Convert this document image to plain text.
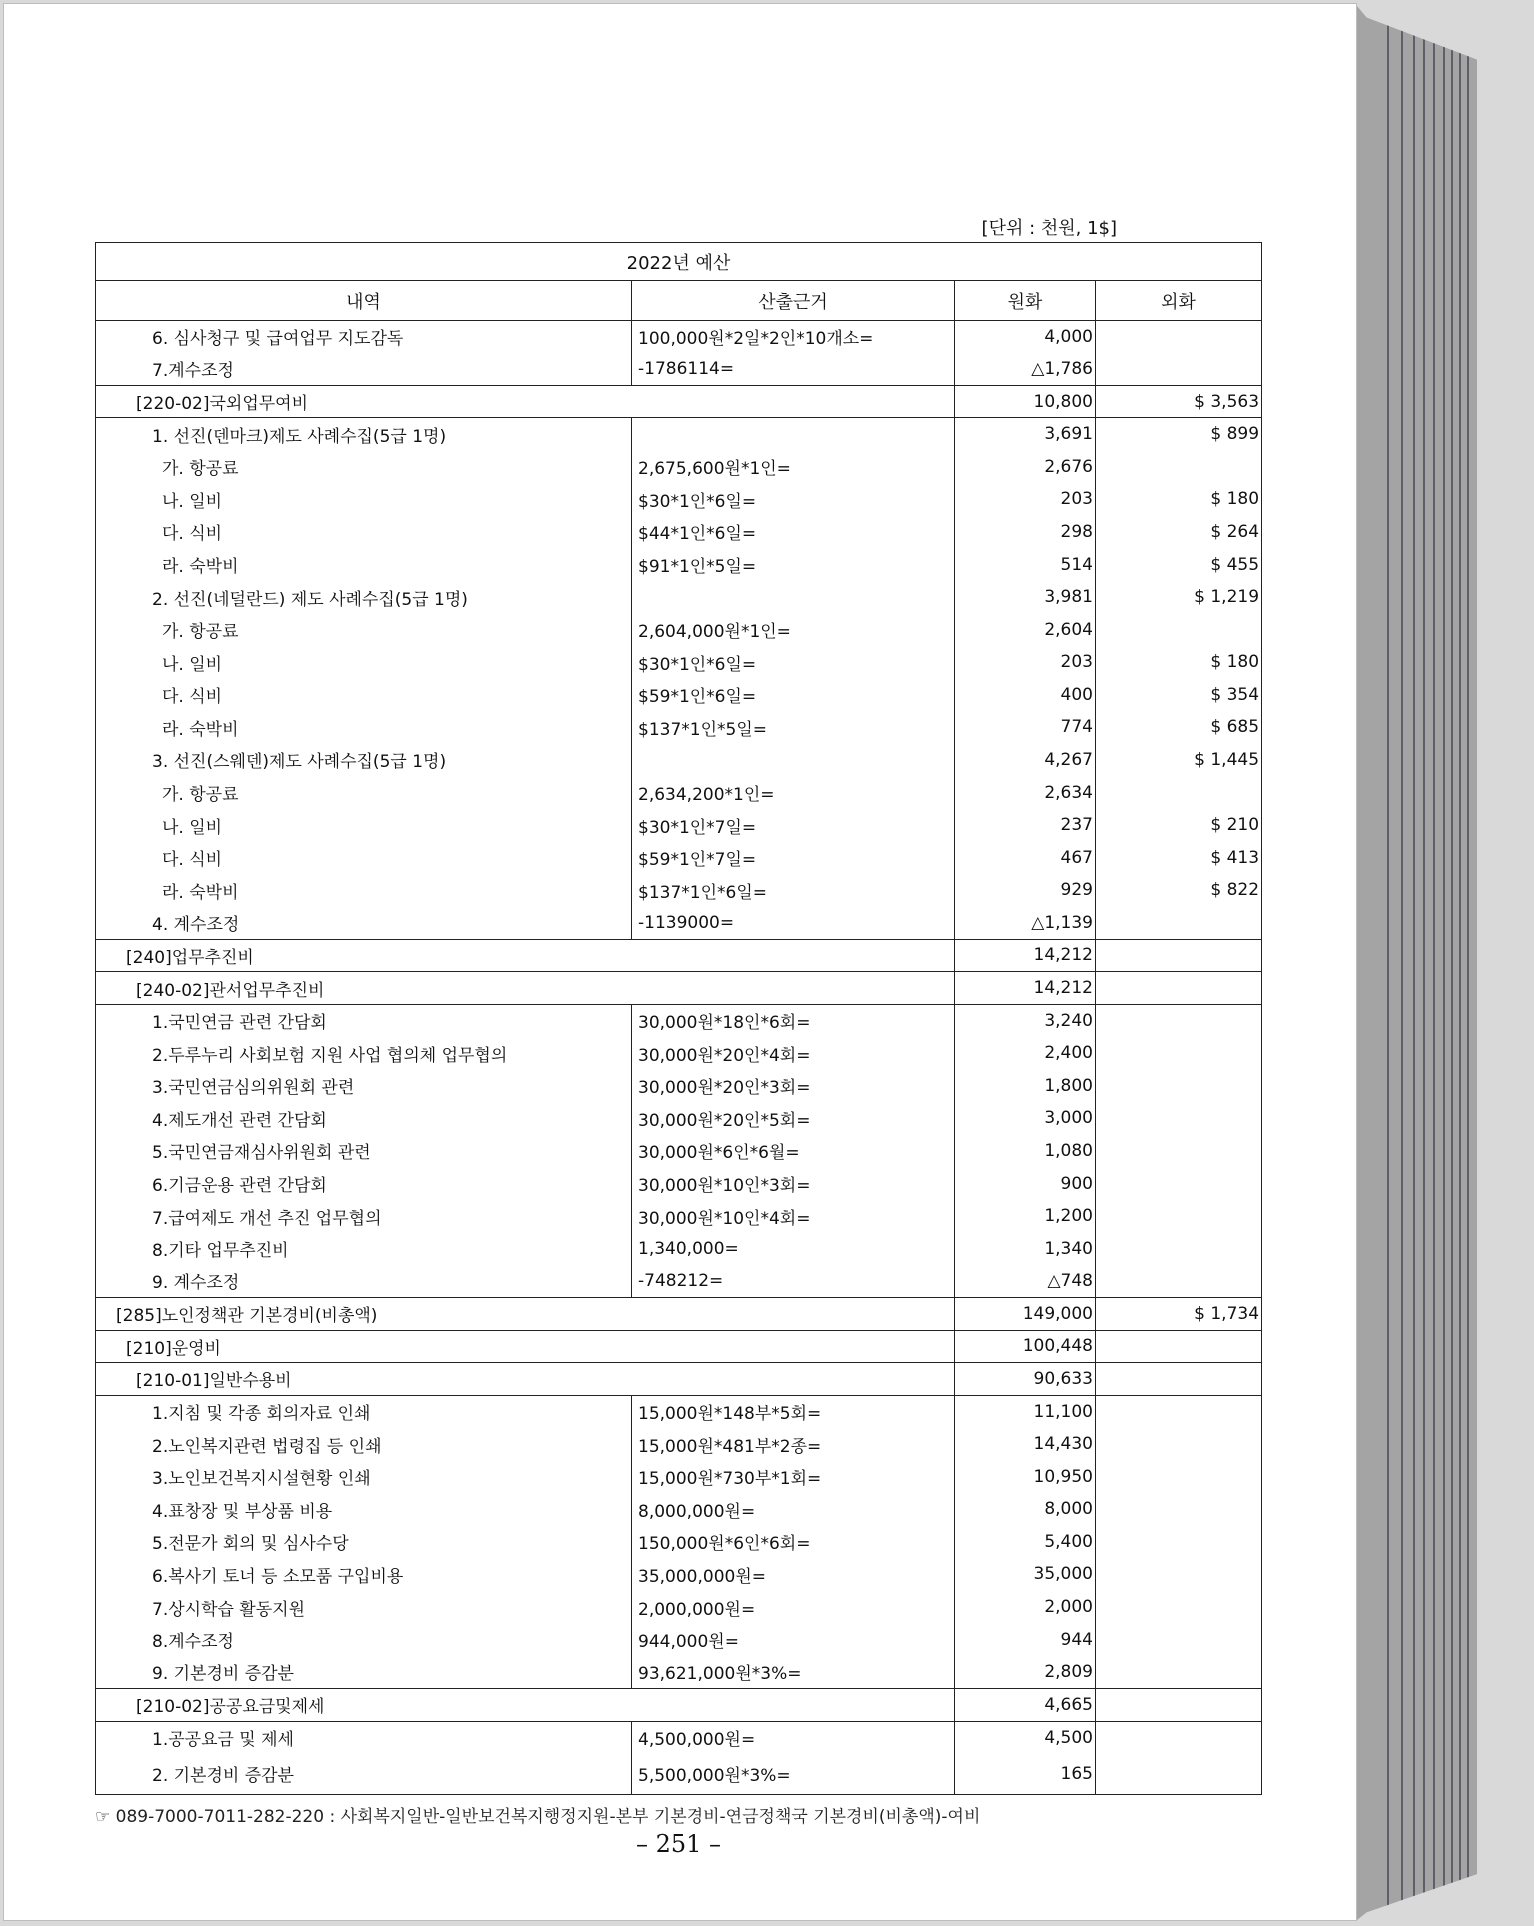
[단위 : 천원, 1$]
2022년 예산			
내역	산출근거	원화	외화
6. 심사청구 및 급여업무 지도감독	100,000원*2일*2인*10개소=	4,000	
7.계수조정	-1786114=	△1,786	
[220-02]국외업무여비		10,800	$ 3,563
1. 선진(덴마크)제도 사례수집(5급 1명)		3,691	$ 899
가. 항공료	2,675,600원*1인=	2,676	
나. 일비	$30*1인*6일=	203	$ 180
다. 식비	$44*1인*6일=	298	$ 264
라. 숙박비	$91*1인*5일=	514	$ 455
2. 선진(네덜란드) 제도 사례수집(5급 1명)		3,981	$ 1,219
가. 항공료	2,604,000원*1인=	2,604	
나. 일비	$30*1인*6일=	203	$ 180
다. 식비	$59*1인*6일=	400	$ 354
라. 숙박비	$137*1인*5일=	774	$ 685
3. 선진(스웨덴)제도 사례수집(5급 1명)		4,267	$ 1,445
가. 항공료	2,634,200*1인=	2,634	
나. 일비	$30*1인*7일=	237	$ 210
다. 식비	$59*1인*7일=	467	$ 413
라. 숙박비	$137*1인*6일=	929	$ 822
4. 계수조정	-1139000=	△1,139	
[240]업무추진비		14,212	
[240-02]관서업무추진비		14,212	
1.국민연금 관련 간담회	30,000원*18인*6회=	3,240	
2.두루누리 사회보험 지원 사업 협의체 업무협의	30,000원*20인*4회=	2,400	
3.국민연금심의위원회 관련	30,000원*20인*3회=	1,800	
4.제도개선 관련 간담회	30,000원*20인*5회=	3,000	
5.국민연금재심사위원회 관련	30,000원*6인*6월=	1,080	
6.기금운용 관련 간담회	30,000원*10인*3회=	900	
7.급여제도 개선 추진 업무협의	30,000원*10인*4회=	1,200	
8.기타 업무추진비	1,340,000=	1,340	
9. 계수조정	-748212=	△748	
[285]노인정책관 기본경비(비총액)		149,000	$ 1,734
[210]운영비		100,448	
[210-01]일반수용비		90,633	
1.지침 및 각종 회의자료 인쇄	15,000원*148부*5회=	11,100	
2.노인복지관련 법령집 등 인쇄	15,000원*481부*2종=	14,430	
3.노인보건복지시설현황 인쇄	15,000원*730부*1회=	10,950	
4.표창장 및 부상품 비용	8,000,000원=	8,000	
5.전문가 회의 및 심사수당	150,000원*6인*6회=	5,400	
6.복사기 토너 등 소모품 구입비용	35,000,000원=	35,000	
7.상시학습 활동지원	2,000,000원=	2,000	
8.계수조정	944,000원=	944	
9. 기본경비 증감분	93,621,000원*3%=	2,809	
[210-02]공공요금및제세		4,665	
1.공공요금 및 제세	4,500,000원=	4,500	
2. 기본경비 증감분	5,500,000원*3%=	165	
☞ 089-7000-7011-282-220 : 사회복지일반-일반보건복지행정지원-본부 기본경비-연금정책국 기본경비(비총액)-여비
– 251 –
